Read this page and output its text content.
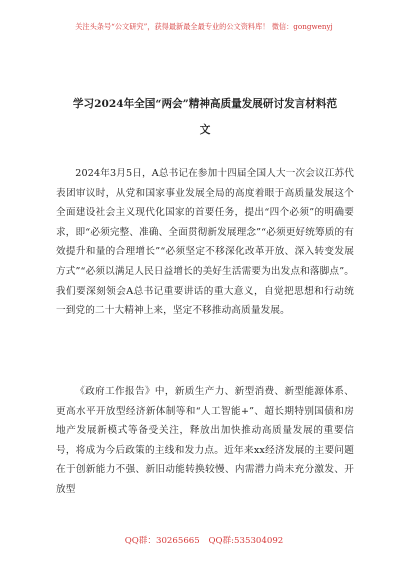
关注头条号“公文研究”，获得最新最全最专业的公文资料库！ 微信：gongwenyj
学习2024年全国“两会”精神高质量发展研讨发言材料范
文
2024年3月5日，A总书记在参加十四届全国人大一次会议江苏代表团审议时，从党和国家事业发展全局的高度着眼于高质量发展这个全面建设社会主义现代化国家的首要任务，提出“四个必须”的明确要求，即“必须完整、准确、全面贯彻新发展理念”“必须更好统筹质的有效提升和量的合理增长”“必须坚定不移深化改革开放、深入转变发展方式”“必须以满足人民日益增长的美好生活需要为出发点和落脚点”。我们要深刻领会A总书记重要讲话的重大意义，自觉把思想和行动统一到党的二十大精神上来，坚定不移推动高质量发展。
《政府工作报告》中，新质生产力、新型消费、新型能源体系、更高水平开放型经济新体制等和“人工智能+”、超长期特别国债和房地产发展新模式等备受关注，释放出加快推动高质量发展的重要信号，将成为今后政策的主线和发力点。近年来xx经济发展的主要问题在于创新能力不强、新旧动能转换较慢、内需潜力尚未充分激发、开放型
QQ群：30265665 QQ群:535304092
